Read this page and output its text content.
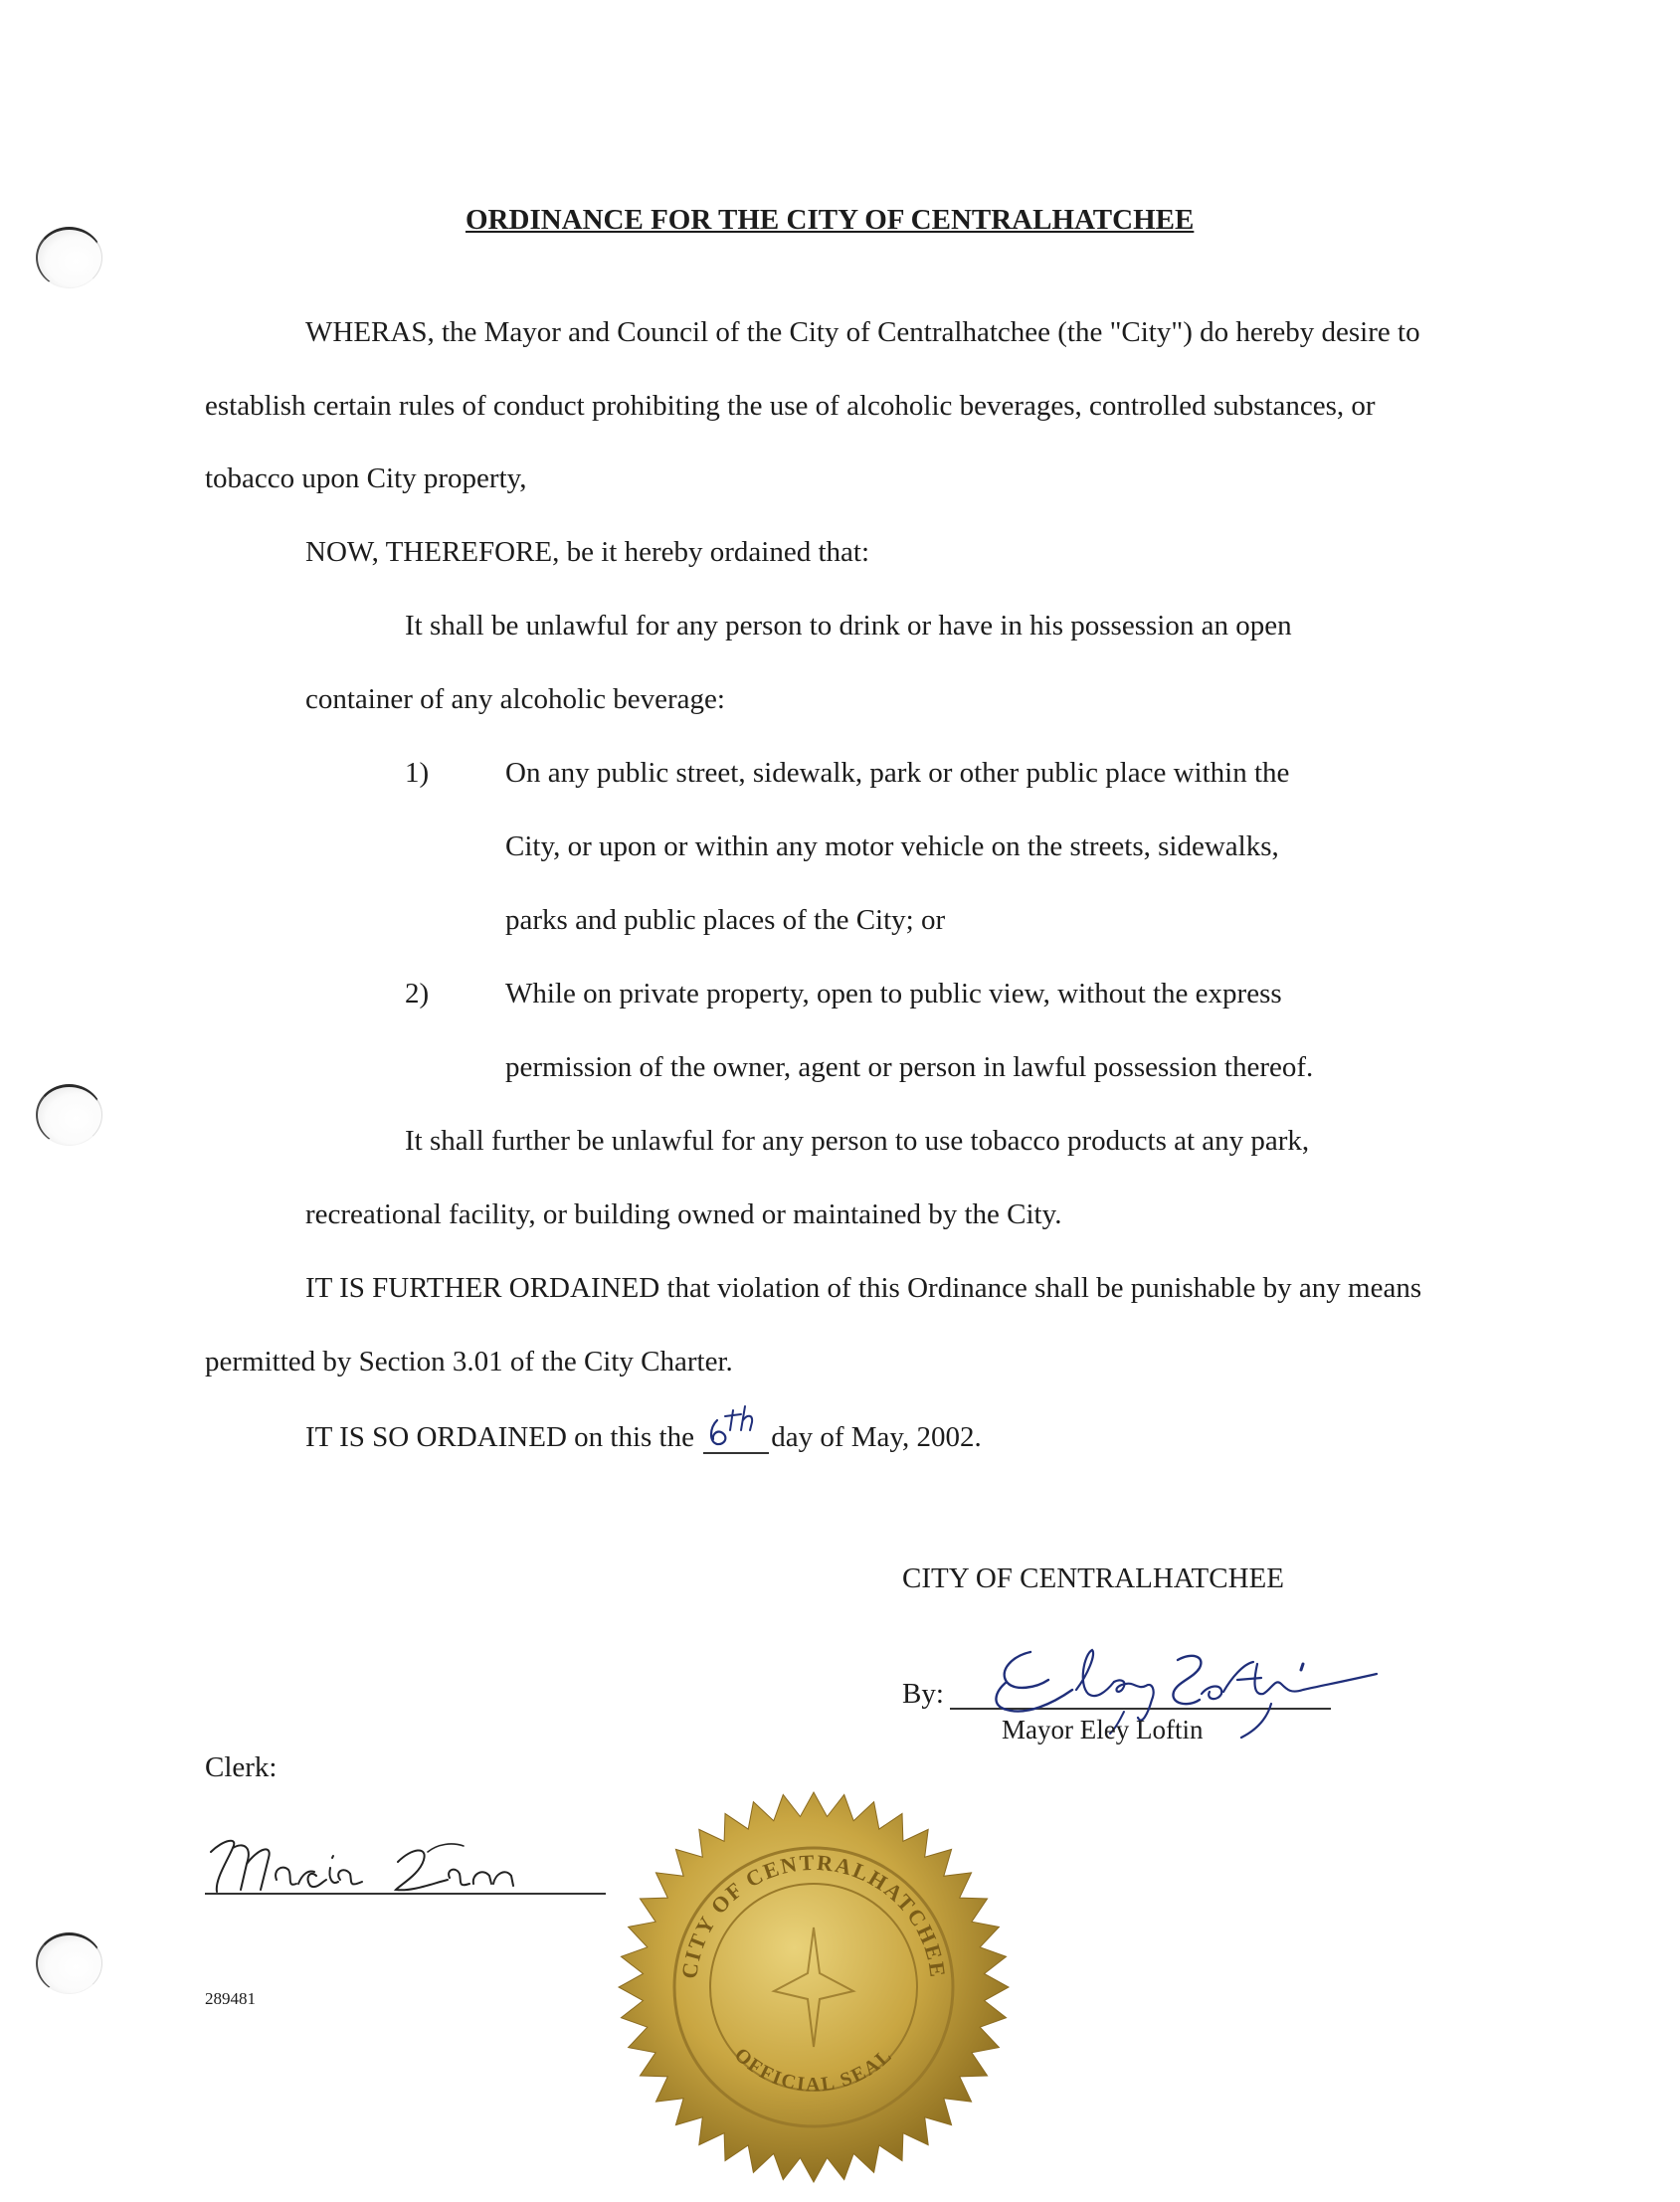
ORDINANCE FOR THE CITY OF CENTRALHATCHEE
WHERAS, the Mayor and Council of the City of Centralhatchee (the "City") do hereby desire to
establish certain rules of conduct prohibiting the use of alcoholic beverages, controlled substances, or
tobacco upon City property,
NOW, THEREFORE, be it hereby ordained that:
It shall be unlawful for any person to drink or have in his possession an open
container of any alcoholic beverage:
1)	On any public street, sidewalk, park or other public place within the
City, or upon or within any motor vehicle on the streets, sidewalks,
parks and public places of the City; or
2)	While on private property, open to public view, without the express
permission of the owner, agent or person in lawful possession thereof.
It shall further be unlawful for any person to use tobacco products at any park,
recreational facility, or building owned or maintained by the City.
IT IS FURTHER ORDAINED that violation of this Ordinance shall be punishable by any means
permitted by Section 3.01 of the City Charter.
IT IS SO ORDAINED on this the	day of May, 2002.
CITY OF CENTRALHATCHEE
By:
Mayor Eley Loftin
Clerk:
289481
CITY OF CENTRALHATCHEE
OFFICIAL SEAL
